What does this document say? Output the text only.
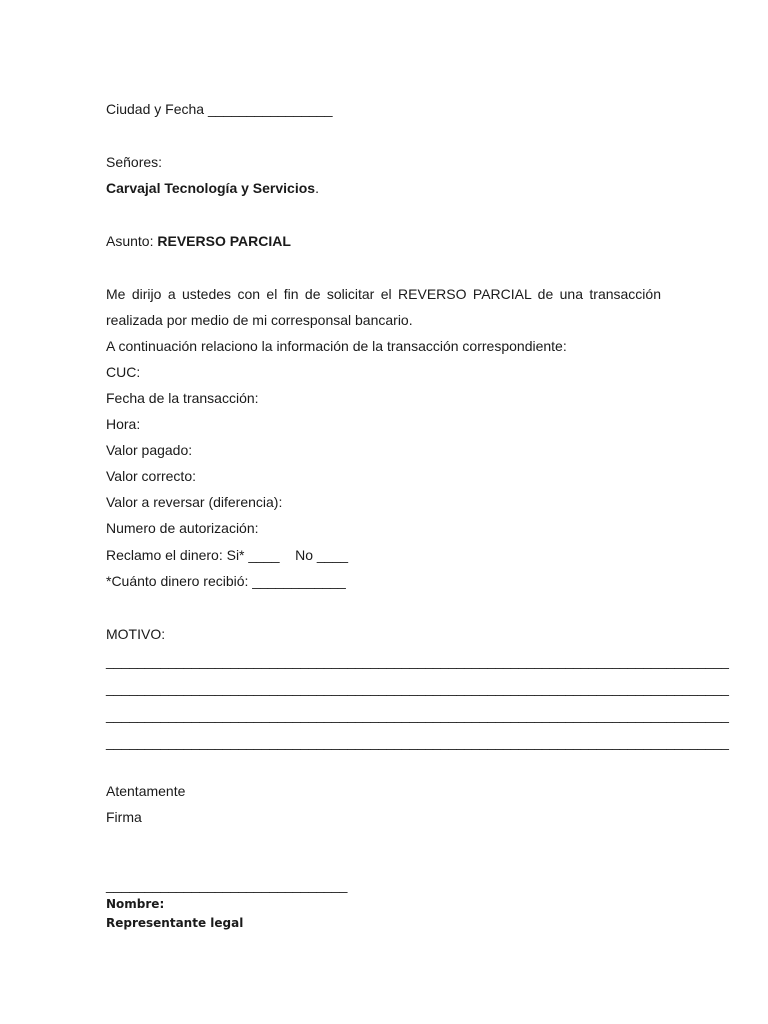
Ciudad y Fecha ________________
Señores:
Carvajal Tecnología y Servicios.
Asunto: REVERSO PARCIAL
Me dirijo a ustedes con el fin de solicitar el REVERSO PARCIAL de una transacción
realizada por medio de mi corresponsal bancario.
A continuación relaciono la información de la transacción correspondiente:
CUC:
Fecha de la transacción:
Hora:
Valor pagado:
Valor correcto:
Valor a reversar (diferencia):
Numero de autorización:
Reclamo el dinero: Si* ____    No ____
*Cuánto dinero recibió: ____________
MOTIVO:
________________________________________________________________________________
________________________________________________________________________________
________________________________________________________________________________
________________________________________________________________________________
Atentamente
Firma
_______________________________
Nombre:
Representante legal
